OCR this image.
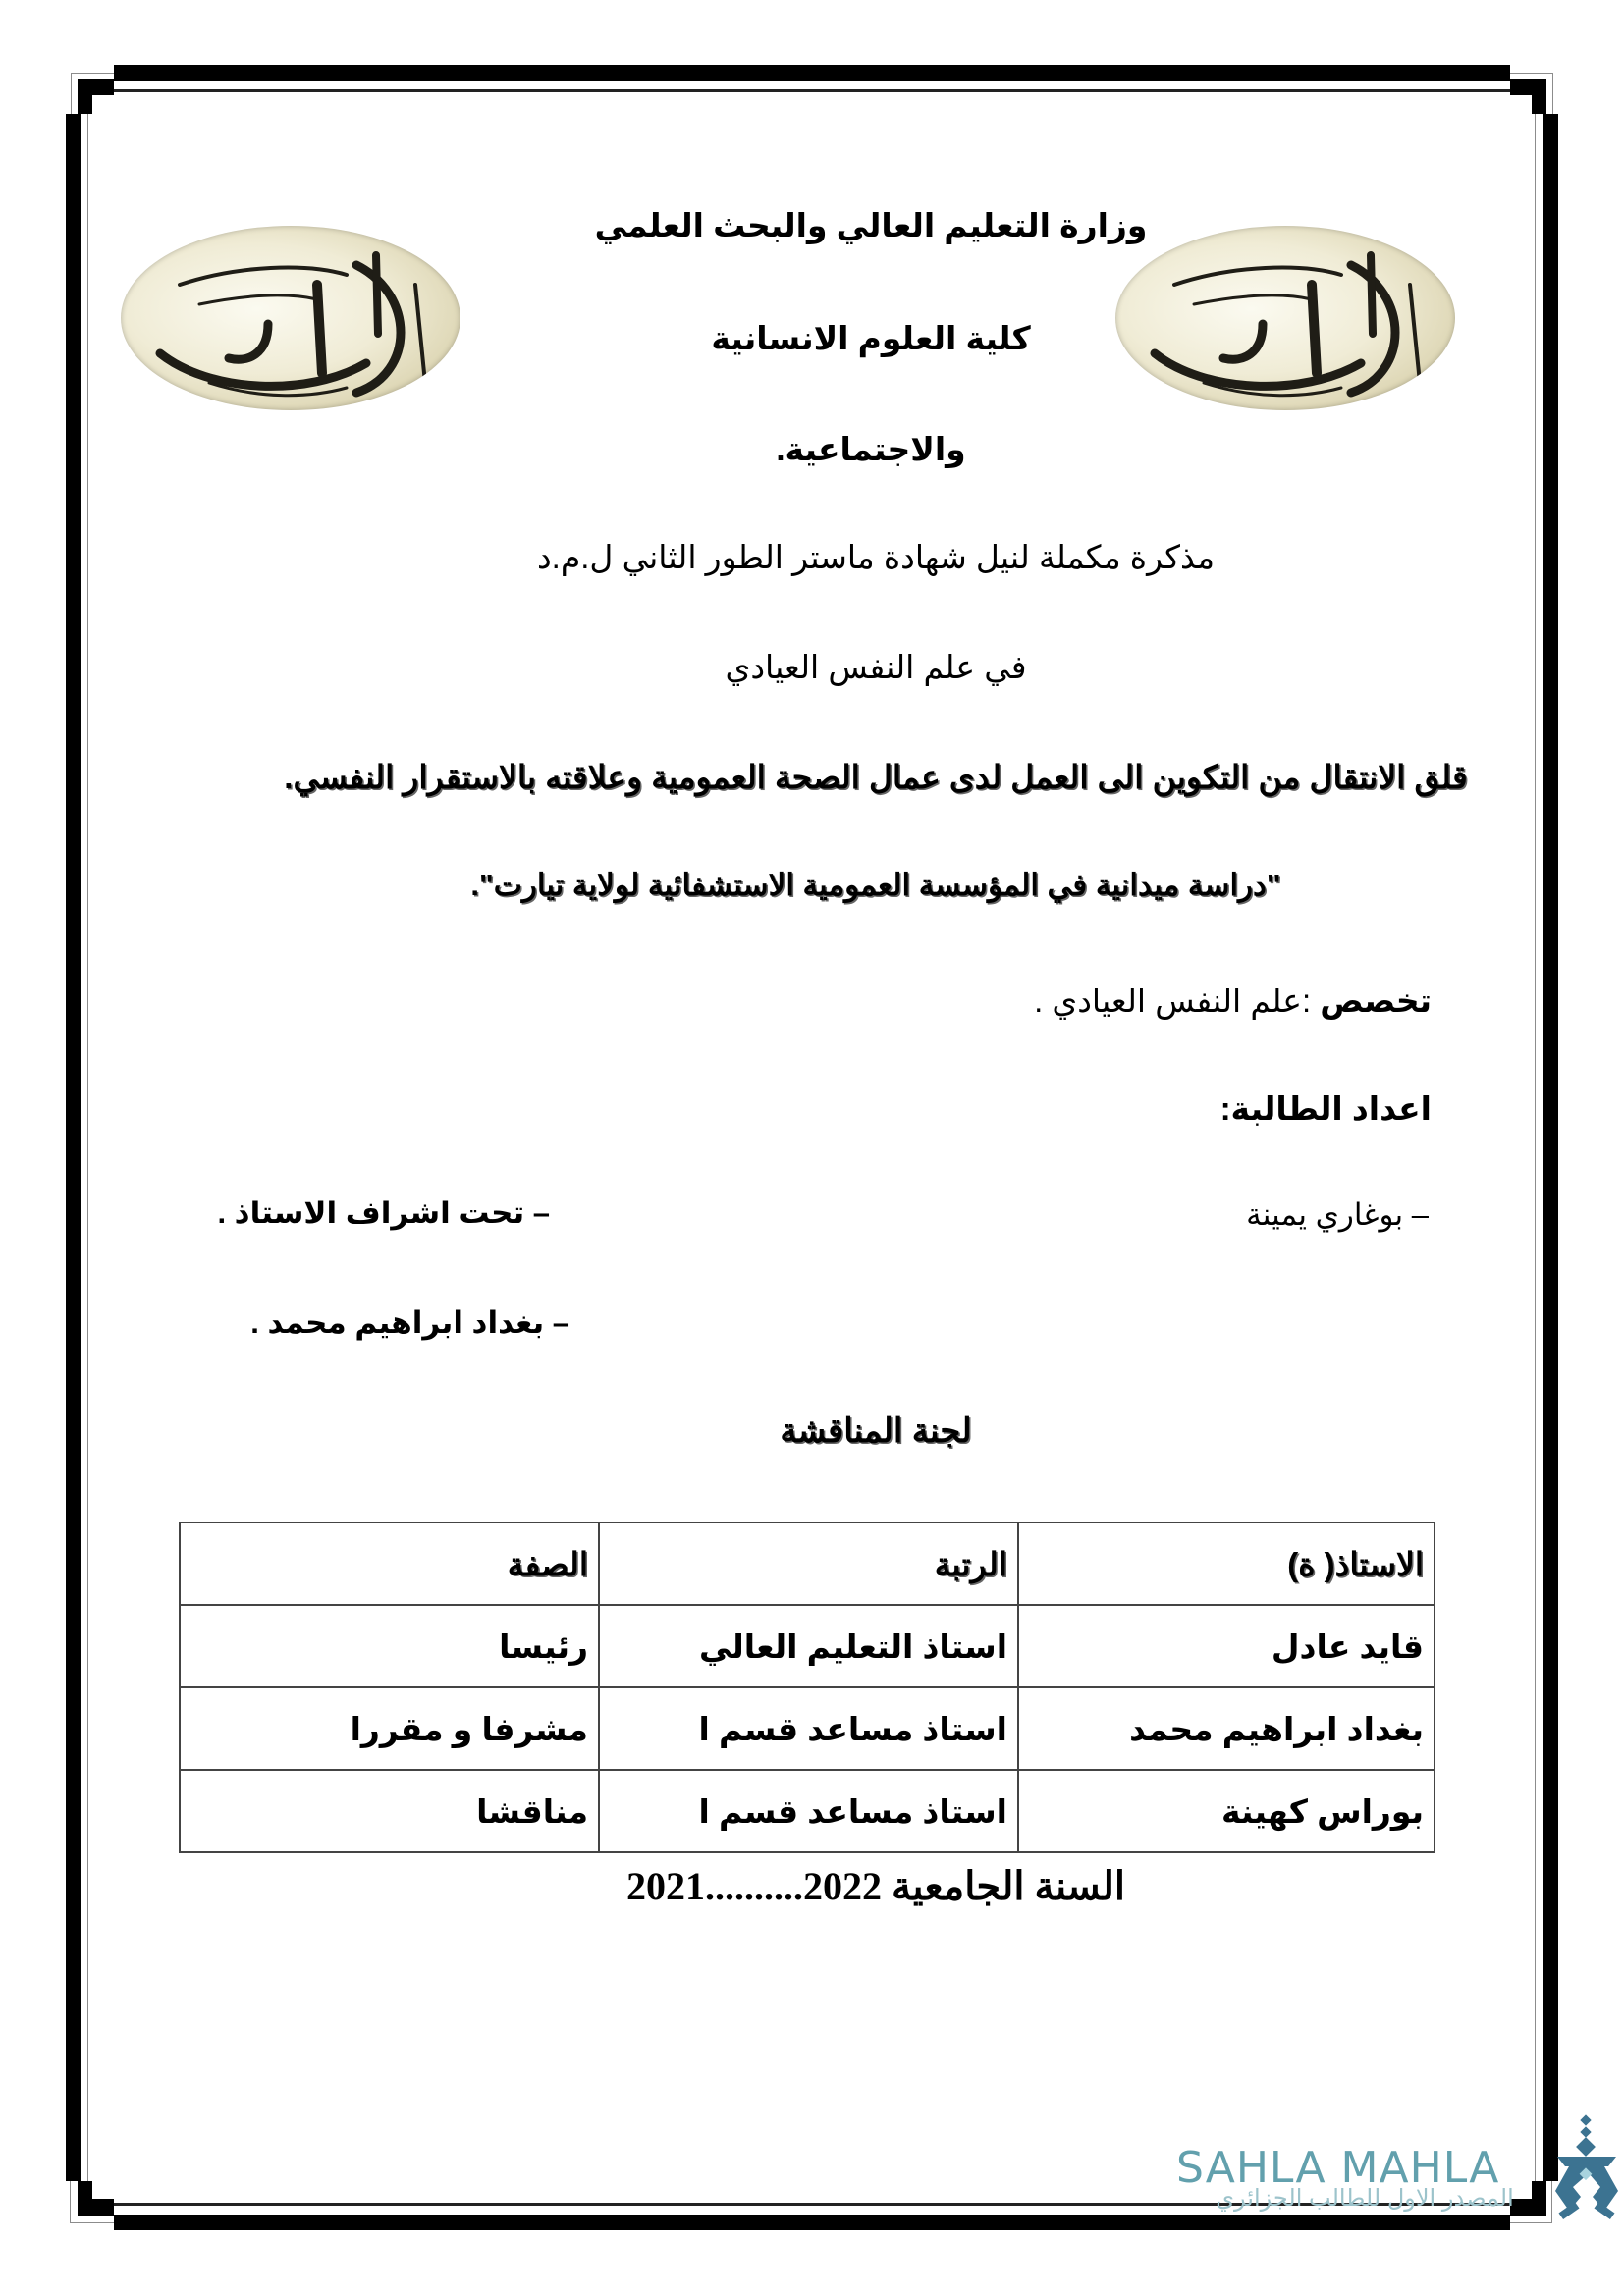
وزارة التعليم العالي والبحث العلمي
كلية العلوم الانسانية
والاجتماعية.
مذكرة مكملة لنيل شهادة ماستر الطور الثاني ل.م.د
في علم النفس العيادي
قلق الانتقال من التكوين الى العمل لدى عمال الصحة العمومية وعلاقته بالاستقرار النفسي.
"دراسة ميدانية في المؤسسة العمومية الاستشفائية لولاية تيارت".
تخصص :علم النفس العيادي .
اعداد الطالبة:
– بوغاري يمينة
– تحت اشراف الاستاذ .
– بغداد ابراهيم محمد .
لجنة المناقشة
الاستاذ( ة)	الرتبة	الصفة
قايد عادل	استاذ التعليم العالي	رئيسا
بغداد ابراهيم محمد	استاذ مساعد قسم ا	مشرفا و مقررا
بوراس كهينة	استاذ مساعد قسم ا	مناقشا
السنة الجامعية 2021..........2022
SAHLA MAHLA
المصدر الاول للطالب الجزائري
